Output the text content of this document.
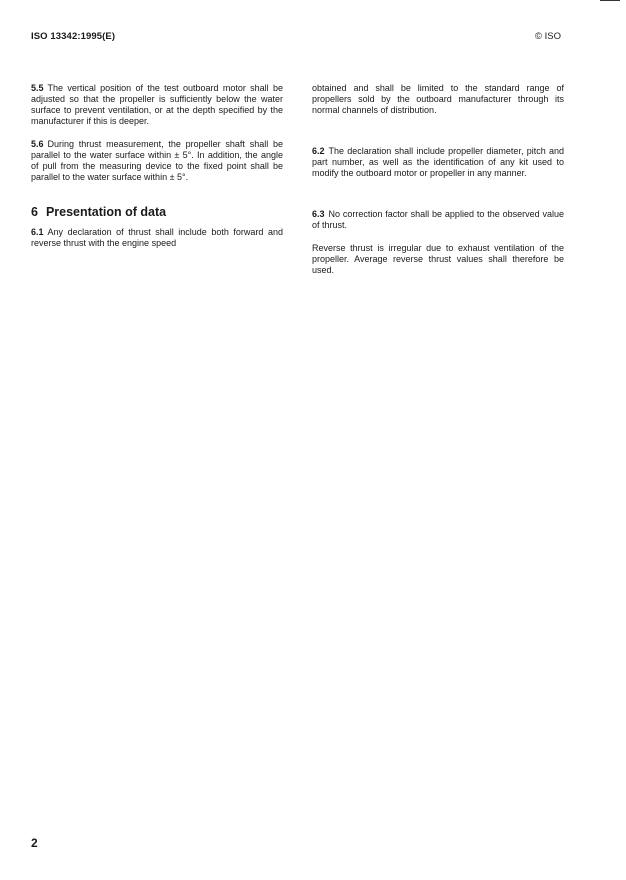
ISO 13342:1995(E)	© ISO

5.5 The vertical position of the test outboard motor shall be adjusted so that the propeller is sufficiently below the water surface to prevent ventilation, or at the depth specified by the manufacturer if this is deeper.

5.6 During thrust measurement, the propeller shaft shall be parallel to the water surface within ± 5°. In addition, the angle of pull from the measuring device to the fixed point shall be parallel to the water surface within ± 5°.

6 Presentation of data

6.1 Any declaration of thrust shall include both forward and reverse thrust with the engine speed

obtained and shall be limited to the standard range of propellers sold by the outboard manufacturer through its normal channels of distribution.

6.2 The declaration shall include propeller diameter, pitch and part number, as well as the identification of any kit used to modify the outboard motor or propeller in any manner.

6.3 No correction factor shall be applied to the observed value of thrust.

Reverse thrust is irregular due to exhaust ventilation of the propeller. Average reverse thrust values shall therefore be used.

2
